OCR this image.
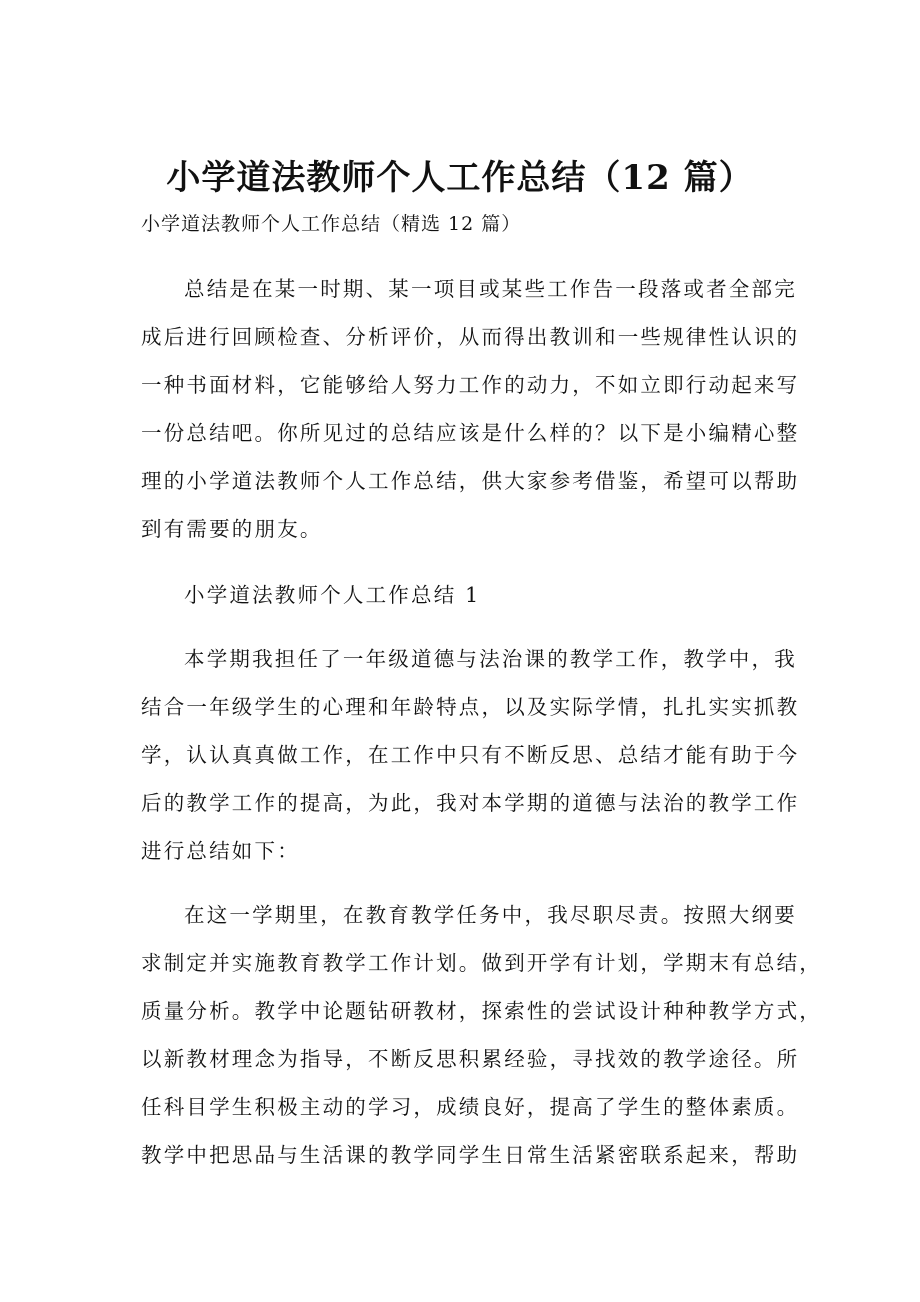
小学道法教师个人工作总结（12 篇）
小学道法教师个人工作总结（精选 12 篇）
总结是在某一时期、某一项目或某些工作告一段落或者全部完
成后进行回顾检查、分析评价，从而得出教训和一些规律性认识的
一种书面材料，它能够给人努力工作的动力，不如立即行动起来写
一份总结吧。你所见过的总结应该是什么样的？以下是小编精心整
理的小学道法教师个人工作总结，供大家参考借鉴，希望可以帮助
到有需要的朋友。
小学道法教师个人工作总结 1
本学期我担任了一年级道德与法治课的教学工作，教学中，我
结合一年级学生的心理和年龄特点，以及实际学情，扎扎实实抓教
学，认认真真做工作，在工作中只有不断反思、总结才能有助于今
后的教学工作的提高，为此，我对本学期的道德与法治的教学工作
进行总结如下：
在这一学期里，在教育教学任务中，我尽职尽责。按照大纲要
求制定并实施教育教学工作计划。做到开学有计划，学期末有总结，
质量分析。教学中论题钻研教材，探索性的尝试设计种种教学方式，
以新教材理念为指导，不断反思积累经验，寻找效的教学途径。所
任科目学生积极主动的学习，成绩良好，提高了学生的整体素质。
教学中把思品与生活课的教学同学生日常生活紧密联系起来，帮助
